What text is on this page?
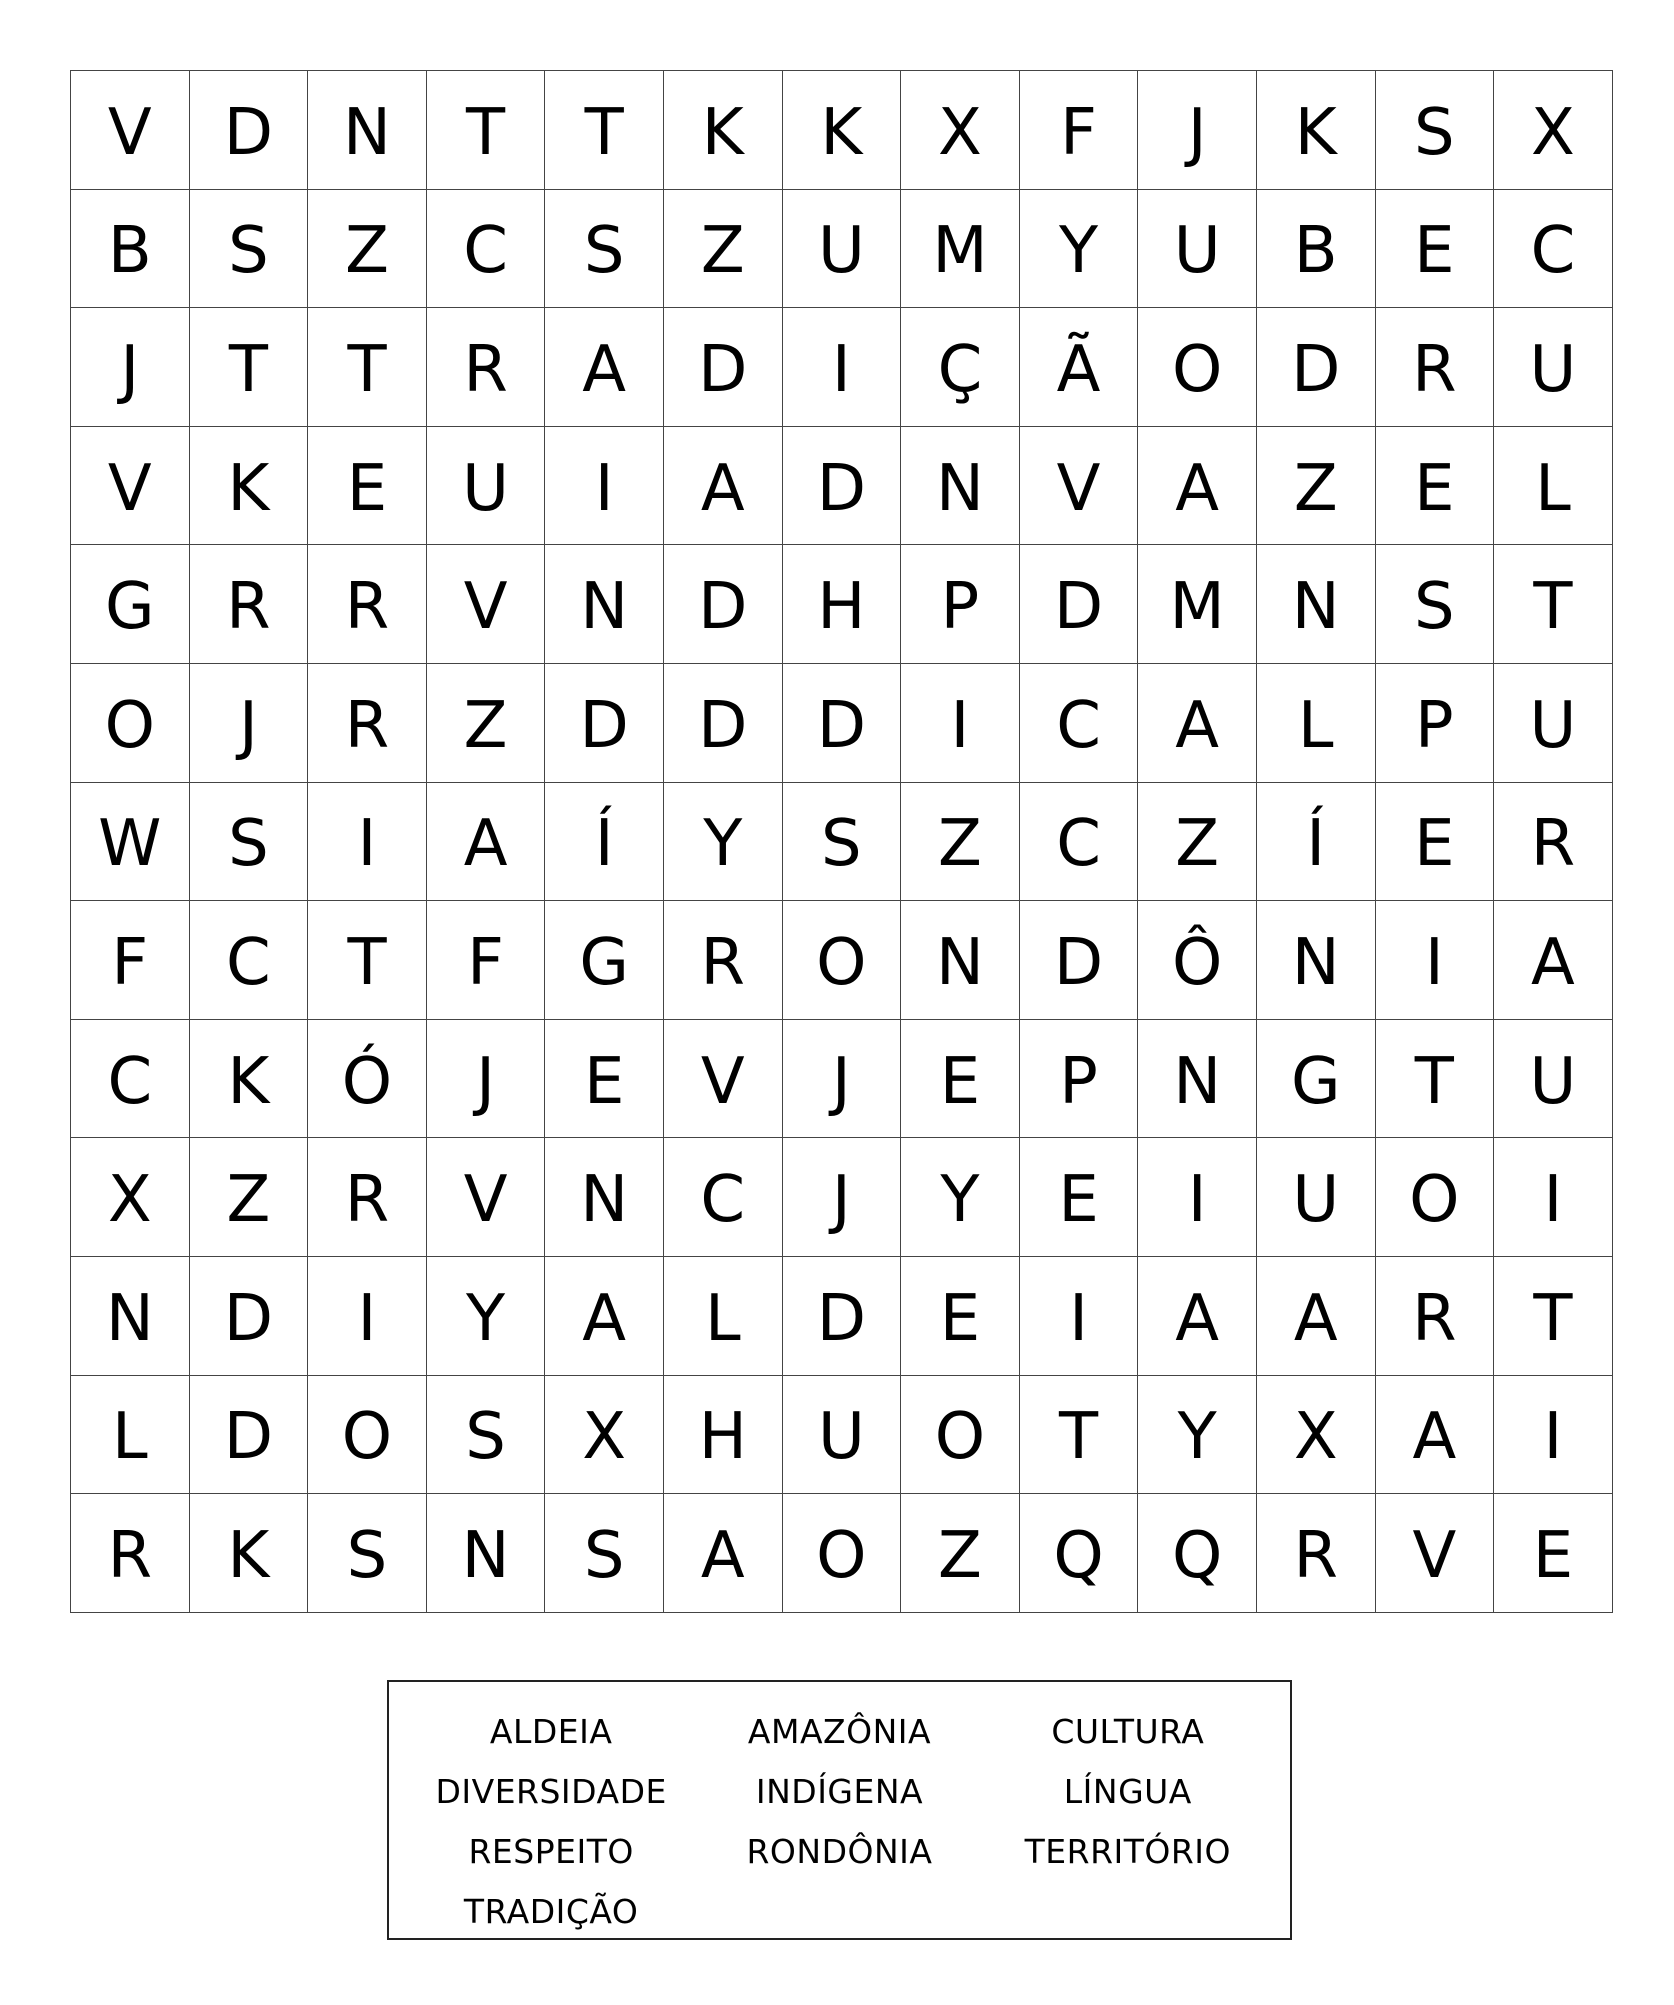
V	D	N	T	T	K	K	X	F	J	K	S	X
B	S	Z	C	S	Z	U	M	Y	U	B	E	C
J	T	T	R	A	D	I	Ç	Ã	O	D	R	U
V	K	E	U	I	A	D	N	V	A	Z	E	L
G	R	R	V	N	D	H	P	D	M	N	S	T
O	J	R	Z	D	D	D	I	C	A	L	P	U
W	S	I	A	Í	Y	S	Z	C	Z	Í	E	R
F	C	T	F	G	R	O	N	D	Ô	N	I	A
C	K	Ó	J	E	V	J	E	P	N	G	T	U
X	Z	R	V	N	C	J	Y	E	I	U	O	I
N	D	I	Y	A	L	D	E	I	A	A	R	T
L	D	O	S	X	H	U	O	T	Y	X	A	I
R	K	S	N	S	A	O	Z	Q	Q	R	V	E
ALDEIA	AMAZÔNIA	CULTURA
DIVERSIDADE	INDÍGENA	LÍNGUA
RESPEITO	RONDÔNIA	TERRITÓRIO
TRADIÇÃO
